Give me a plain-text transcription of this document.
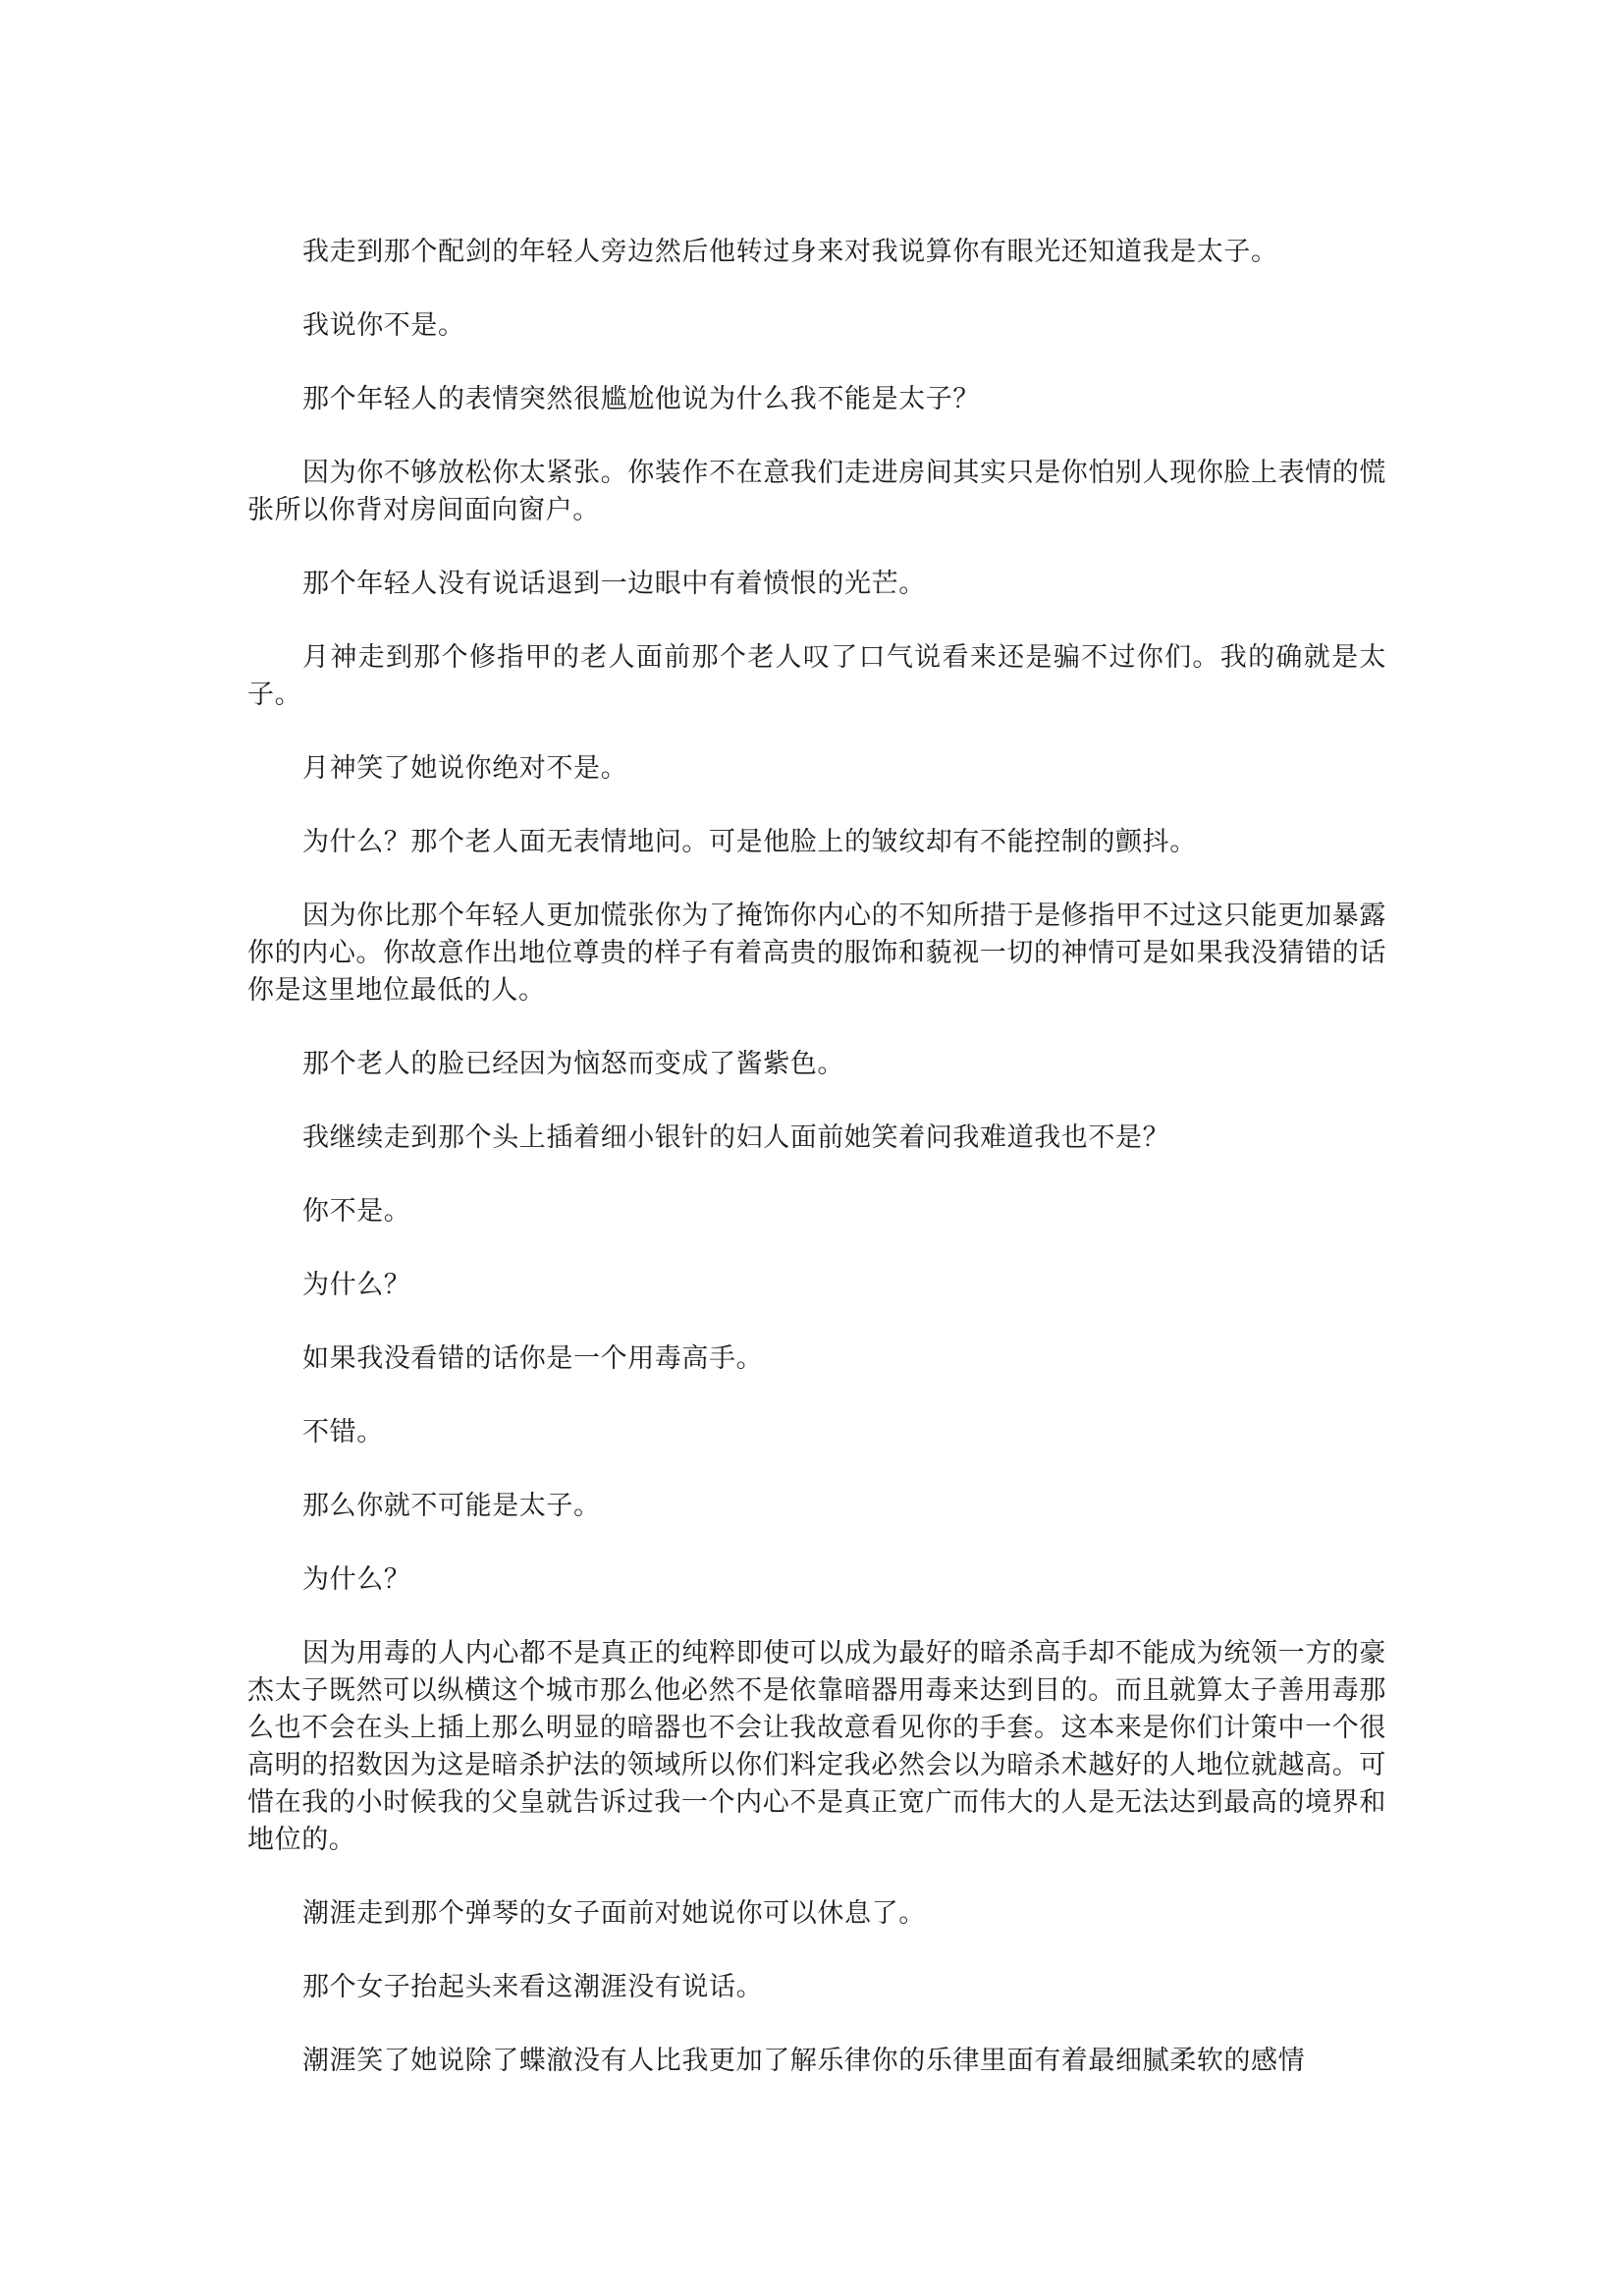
我走到那个配剑的年轻人旁边然后他转过身来对我说算你有眼光还知道我是太子。

我说你不是。

那个年轻人的表情突然很尴尬他说为什么我不能是太子？

因为你不够放松你太紧张。你装作不在意我们走进房间其实只是你怕别人现你脸上表情的慌张所以你背对房间面向窗户。

那个年轻人没有说话退到一边眼中有着愤恨的光芒。

月神走到那个修指甲的老人面前那个老人叹了口气说看来还是骗不过你们。我的确就是太子。

月神笑了她说你绝对不是。

为什么？那个老人面无表情地问。可是他脸上的皱纹却有不能控制的颤抖。

因为你比那个年轻人更加慌张你为了掩饰你内心的不知所措于是修指甲不过这只能更加暴露你的内心。你故意作出地位尊贵的样子有着高贵的服饰和藐视一切的神情可是如果我没猜错的话你是这里地位最低的人。

那个老人的脸已经因为恼怒而变成了酱紫色。

我继续走到那个头上插着细小银针的妇人面前她笑着问我难道我也不是？

你不是。

为什么？

如果我没看错的话你是一个用毒高手。

不错。

那么你就不可能是太子。

为什么？

因为用毒的人内心都不是真正的纯粹即使可以成为最好的暗杀高手却不能成为统领一方的豪杰太子既然可以纵横这个城市那么他必然不是依靠暗器用毒来达到目的。而且就算太子善用毒那么也不会在头上插上那么明显的暗器也不会让我故意看见你的手套。这本来是你们计策中一个很高明的招数因为这是暗杀护法的领域所以你们料定我必然会以为暗杀术越好的人地位就越高。可惜在我的小时候我的父皇就告诉过我一个内心不是真正宽广而伟大的人是无法达到最高的境界和地位的。

潮涯走到那个弹琴的女子面前对她说你可以休息了。

那个女子抬起头来看这潮涯没有说话。

潮涯笑了她说除了蝶澈没有人比我更加了解乐律你的乐律里面有着最细腻柔软的感情
